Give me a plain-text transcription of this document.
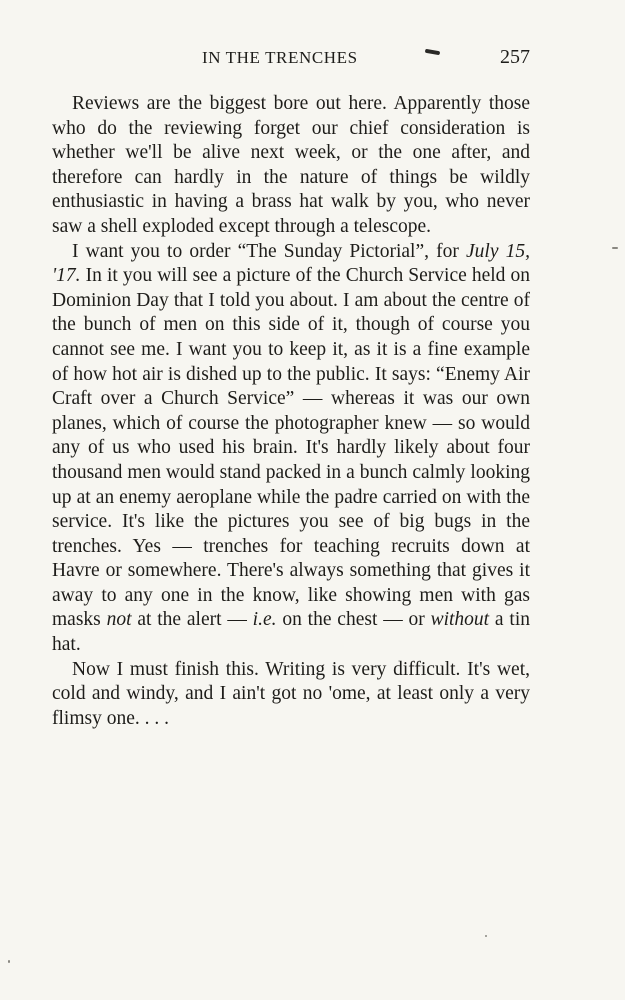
IN THE TRENCHES	257

Reviews are the biggest bore out here. Apparently those who do the reviewing forget our chief consideration is whether we'll be alive next week, or the one after, and therefore can hardly in the nature of things be wildly enthusiastic in having a brass hat walk by you, who never saw a shell exploded except through a telescope.

I want you to order “The Sunday Pictorial”, for July 15, '17. In it you will see a picture of the Church Service held on Dominion Day that I told you about. I am about the centre of the bunch of men on this side of it, though of course you cannot see me. I want you to keep it, as it is a fine example of how hot air is dished up to the public. It says: “Enemy Air Craft over a Church Service” — whereas it was our own planes, which of course the photographer knew — so would any of us who used his brain. It's hardly likely about four thousand men would stand packed in a bunch calmly looking up at an enemy aeroplane while the padre carried on with the service. It's like the pictures you see of big bugs in the trenches. Yes — trenches for teaching recruits down at Havre or somewhere. There's always something that gives it away to any one in the know, like showing men with gas masks not at the alert — i.e. on the chest — or without a tin hat.

Now I must finish this. Writing is very difficult. It's wet, cold and windy, and I ain't got no 'ome, at least only a very flimsy one. . . .
